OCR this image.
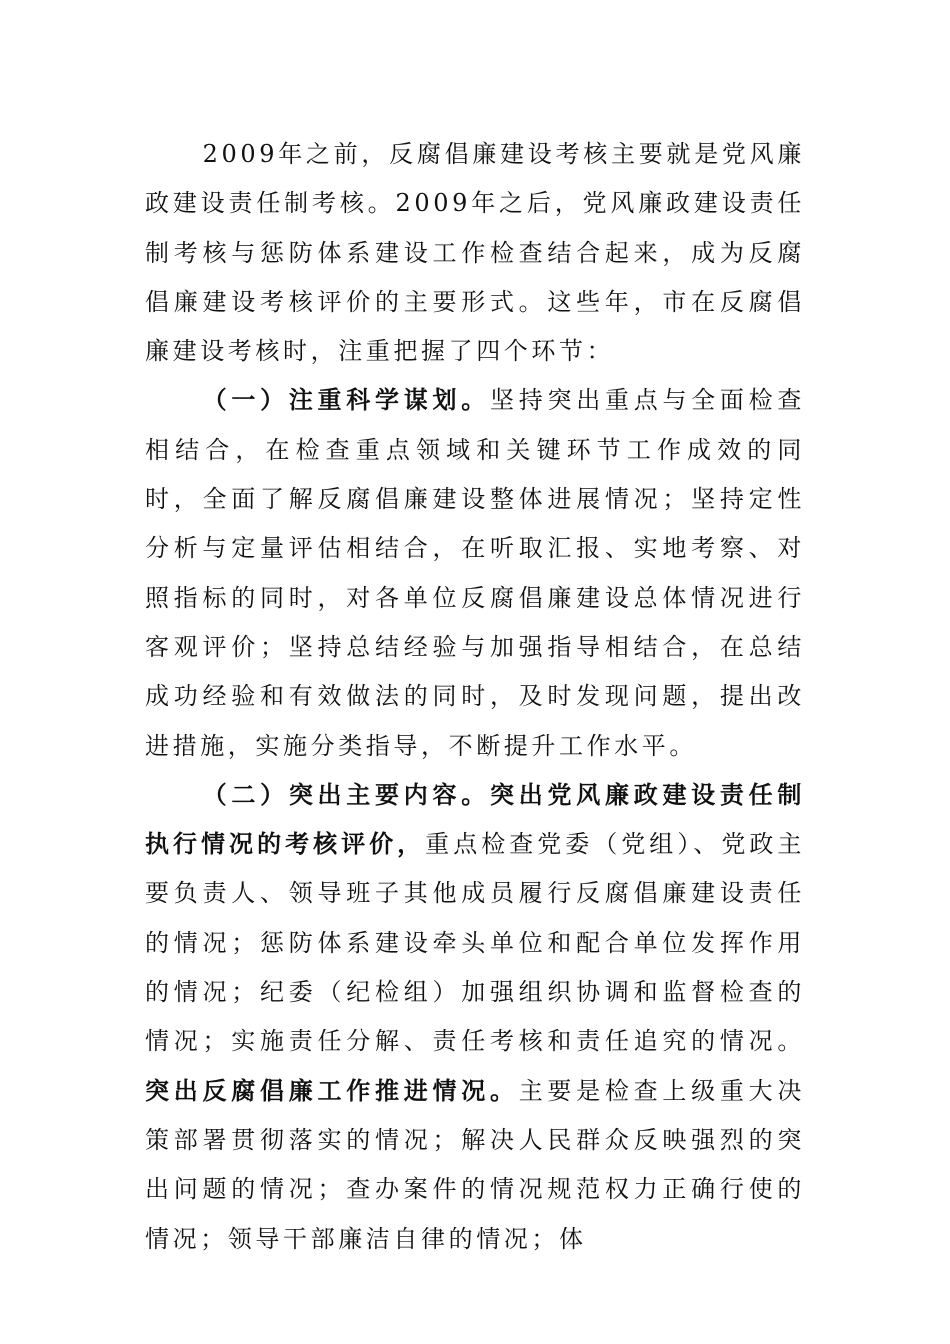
2009年之前，反腐倡廉建设考核主要就是党风廉政建设责任制考核。2009年之后，党风廉政建设责任制考核与惩防体系建设工作检查结合起来，成为反腐倡廉建设考核评价的主要形式。这些年，市在反腐倡廉建设考核时，注重把握了四个环节：

（一）注重科学谋划。坚持突出重点与全面检查相结合，在检查重点领域和关键环节工作成效的同时，全面了解反腐倡廉建设整体进展情况；坚持定性分析与定量评估相结合，在听取汇报、实地考察、对照指标的同时，对各单位反腐倡廉建设总体情况进行客观评价；坚持总结经验与加强指导相结合，在总结成功经验和有效做法的同时，及时发现问题，提出改进措施，实施分类指导，不断提升工作水平。

（二）突出主要内容。突出党风廉政建设责任制执行情况的考核评价，重点检查党委（党组）、党政主要负责人、领导班子其他成员履行反腐倡廉建设责任的情况；惩防体系建设牵头单位和配合单位发挥作用的情况；纪委（纪检组）加强组织协调和监督检查的情况；实施责任分解、责任考核和责任追究的情况。突出反腐倡廉工作推进情况。主要是检查上级重大决策部署贯彻落实的情况；解决人民群众反映强烈的突出问题的情况；查办案件的情况规范权力正确行使的情况；领导干部廉洁自律的情况；体
